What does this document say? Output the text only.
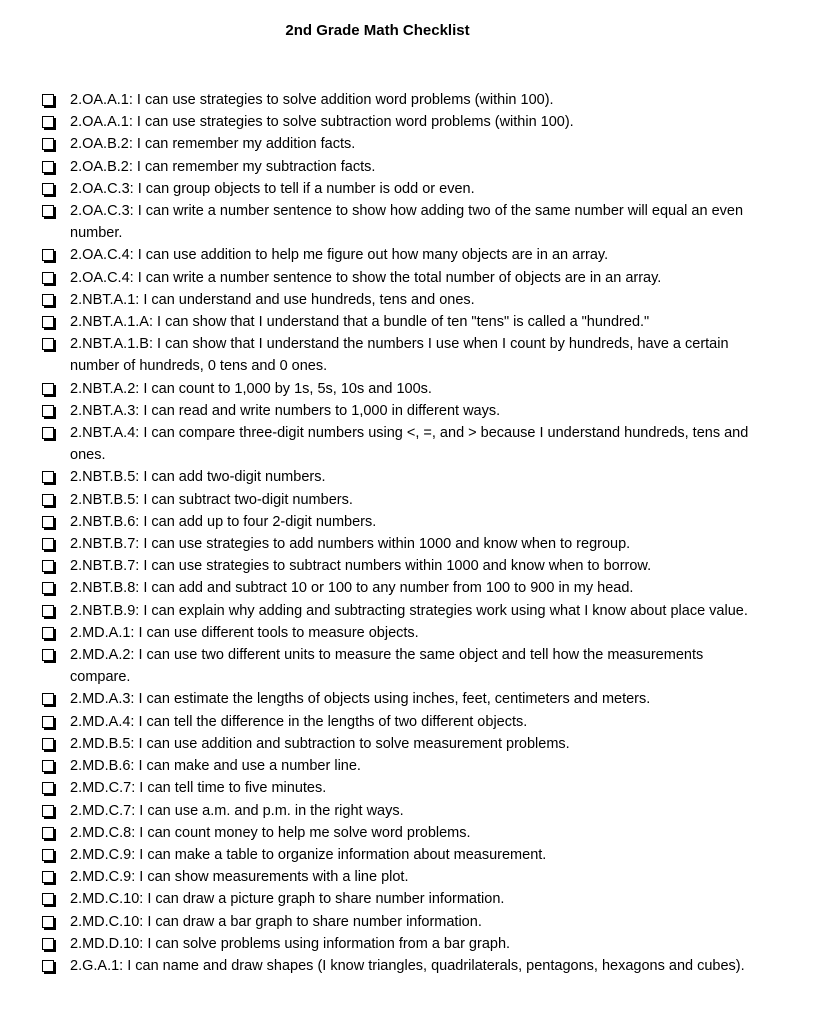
2nd Grade Math Checklist
2.OA.A.1: I can use strategies to solve addition word problems (within 100).
2.OA.A.1: I can use strategies to solve subtraction word problems (within 100).
2.OA.B.2: I can remember my addition facts.
2.OA.B.2: I can remember my subtraction facts.
2.OA.C.3: I can group objects to tell if a number is odd or even.
2.OA.C.3: I can write a number sentence to show how adding two of the same number will equal an even number.
2.OA.C.4: I can use addition to help me figure out how many objects are in an array.
2.OA.C.4: I can write a number sentence to show the total number of objects are in an array.
2.NBT.A.1: I can understand and use hundreds, tens and ones.
2.NBT.A.1.A: I can show that I understand that a bundle of ten "tens" is called a "hundred."
2.NBT.A.1.B: I can show that I understand the numbers I use when I count by hundreds, have a certain number of hundreds, 0 tens and 0 ones.
2.NBT.A.2: I can count to 1,000 by 1s, 5s, 10s and 100s.
2.NBT.A.3: I can read and write numbers to 1,000 in different ways.
2.NBT.A.4: I can compare three-digit numbers using <, =, and > because I understand hundreds, tens and ones.
2.NBT.B.5: I can add two-digit numbers.
2.NBT.B.5: I can subtract two-digit numbers.
2.NBT.B.6: I can add up to four 2-digit numbers.
2.NBT.B.7: I can use strategies to add numbers within 1000 and know when to regroup.
2.NBT.B.7: I can use strategies to subtract numbers within 1000 and know when to borrow.
2.NBT.B.8: I can add and subtract 10 or 100 to any number from 100 to 900 in my head.
2.NBT.B.9: I can explain why adding and subtracting strategies work using what I know about place value.
2.MD.A.1: I can use different tools to measure objects.
2.MD.A.2: I can use two different units to measure the same object and tell how the measurements compare.
2.MD.A.3: I can estimate the lengths of objects using inches, feet, centimeters and meters.
2.MD.A.4: I can tell the difference in the lengths of two different objects.
2.MD.B.5: I can use addition and subtraction to solve measurement problems.
2.MD.B.6: I can make and use a number line.
2.MD.C.7: I can tell time to five minutes.
2.MD.C.7: I can use a.m. and p.m. in the right ways.
2.MD.C.8: I can count money to help me solve word problems.
2.MD.C.9: I can make a table to organize information about measurement.
2.MD.C.9: I can show measurements with a line plot.
2.MD.C.10: I can draw a picture graph to share number information.
2.MD.C.10: I can draw a bar graph to share number information.
2.MD.D.10: I can solve problems using information from a bar graph.
2.G.A.1: I can name and draw shapes (I know triangles, quadrilaterals, pentagons, hexagons and cubes).
